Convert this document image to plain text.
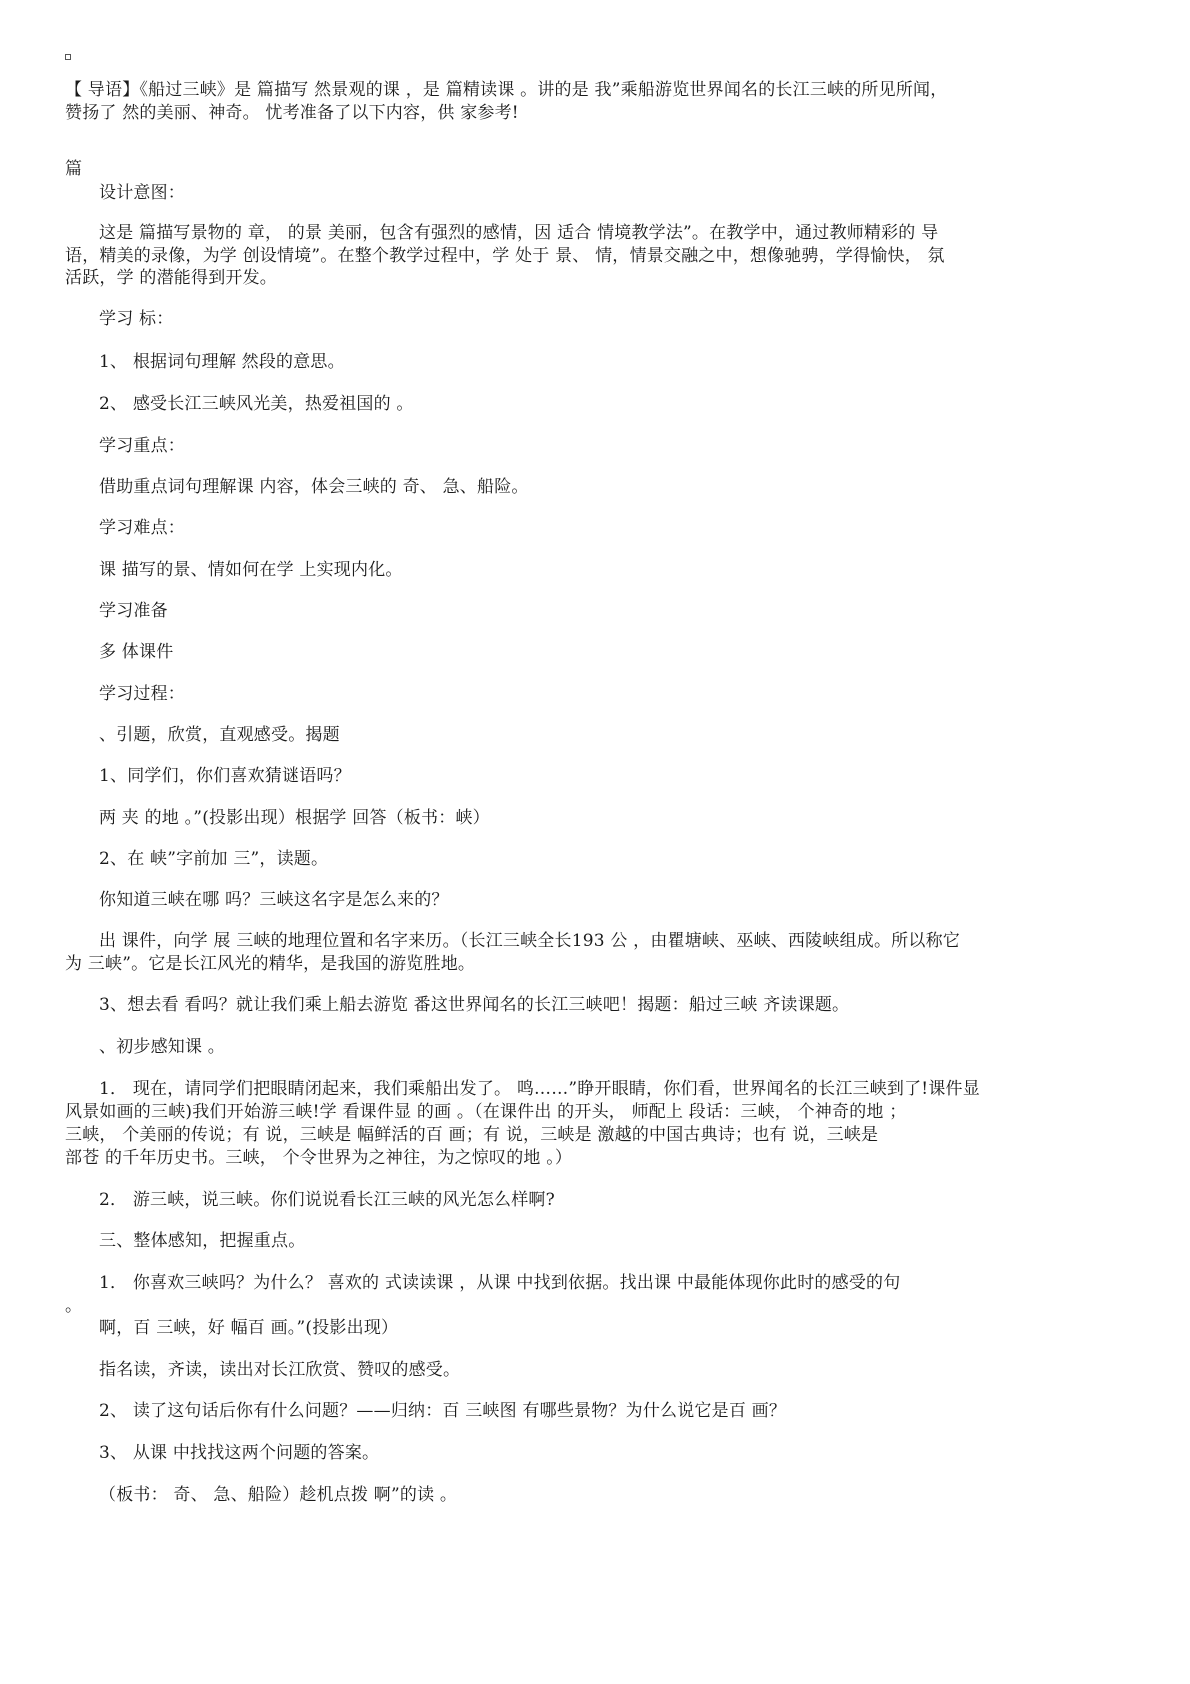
【 导语】《船过三峡》是 篇描写 然景观的课 ，是 篇精读课 。讲的是 我”乘船游览世界闻名的长江三峡的所见所闻，
赞扬了 然的美丽、神奇。 忧考准备了以下内容，供 家参考!
篇
设计意图：
这是 篇描写景物的 章， 的景 美丽，包含有强烈的感情，因 适合 情境教学法”。在教学中，通过教师精彩的 导
语，精美的录像，为学 创设情境”。在整个教学过程中，学 处于 景、 情，情景交融之中，想像驰骋，学得愉快， 氛
活跃，学 的潜能得到开发。
学习 标：
1、 根据词句理解 然段的意思。
2、 感受长江三峡风光美，热爱祖国的 。
学习重点：
借助重点词句理解课 内容，体会三峡的 奇、 急、船险。
学习难点：
课 描写的景、情如何在学 上实现内化。
学习准备
多 体课件
学习过程：
、引题，欣赏，直观感受。揭题
1、同学们，你们喜欢猜谜语吗？
两 夹 的地 。”(投影出现）根据学 回答（板书：峡）
2、在 峡”字前加 三”，读题。
你知道三峡在哪 吗？三峡这名字是怎么来的？
出 课件，向学 展 三峡的地理位置和名字来历。（长江三峡全长193 公 ，由瞿塘峡、巫峡、西陵峡组成。所以称它
为 三峡”。它是长江风光的精华，是我国的游览胜地。
3、想去看 看吗？就让我们乘上船去游览 番这世界闻名的长江三峡吧！揭题：船过三峡 齐读课题。
、初步感知课 。
1． 现在，请同学们把眼睛闭起来，我们乘船出发了。 鸣……”睁开眼睛，你们看，世界闻名的长江三峡到了!课件显
风景如画的三峡)我们开始游三峡!学 看课件显 的画 。（在课件出 的开头， 师配上 段话：三峡， 个神奇的地 ；
三峡， 个美丽的传说；有 说，三峡是 幅鲜活的百 画；有 说，三峡是 激越的中国古典诗；也有 说，三峡是
部苍 的千年历史书。三峡， 个令世界为之神往，为之惊叹的地 。）
2． 游三峡，说三峡。你们说说看长江三峡的风光怎么样啊?
三、整体感知，把握重点。
1． 你喜欢三峡吗？为什么？ 喜欢的 式读读课 ，从课 中找到依据。找出课 中最能体现你此时的感受的句
。
啊，百 三峡，好 幅百 画。”(投影出现）
指名读，齐读，读出对长江欣赏、赞叹的感受。
2、 读了这句话后你有什么问题？——归纳：百 三峡图 有哪些景物？为什么说它是百 画？
3、 从课 中找找这两个问题的答案。
（板书： 奇、 急、船险）趁机点拨 啊”的读 。
